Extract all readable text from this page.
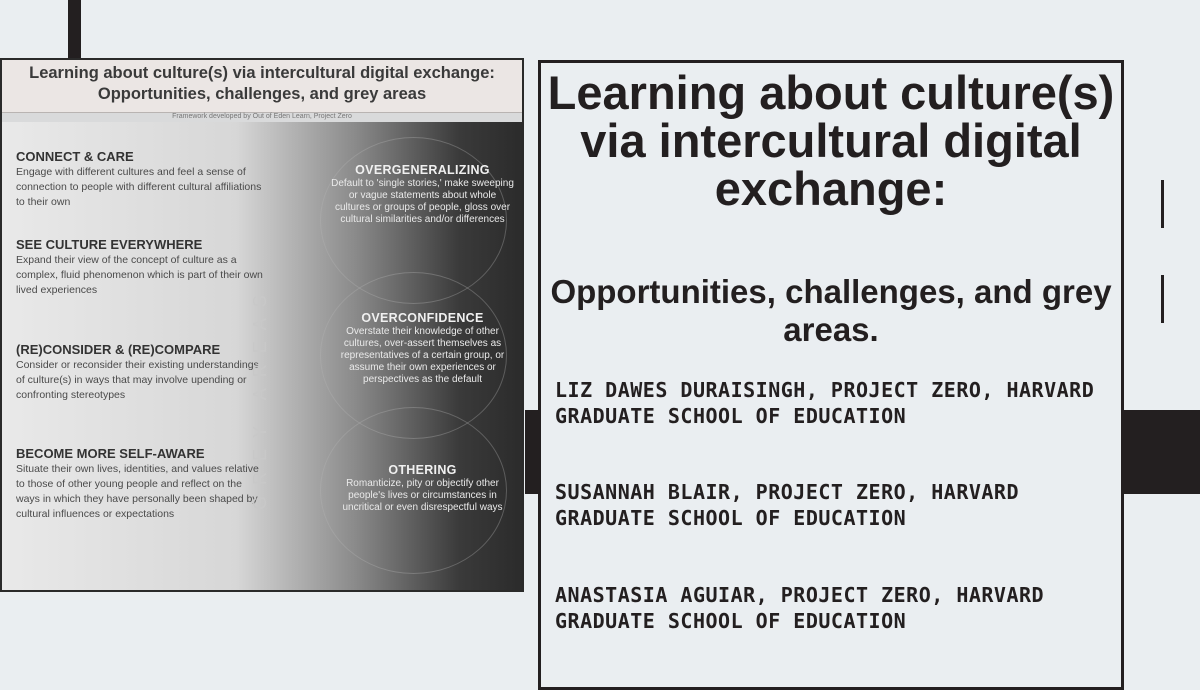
Learning about culture(s) via intercultural digital exchange:
Opportunities, challenges, and grey areas
Framework developed by Out of Eden Learn, Project Zero
CONNECT & CARE
Engage with different cultures and feel a sense of connection to people with different cultural affiliations to their own
SEE CULTURE EVERYWHERE
Expand their view of the concept of culture as a complex, fluid phenomenon which is part of their own lived experiences
(RE)CONSIDER & (RE)COMPARE
Consider or reconsider their existing understandings of culture(s) in ways that may involve upending or confronting stereotypes
BECOME MORE SELF-AWARE
Situate their own lives, identities, and values relative to those of other young people and reflect on the ways in which they have personally been shaped by cultural influences or expectations
GREY AREAS
OVERGENERALIZING
Default to 'single stories,' make sweeping or vague statements about whole cultures or groups of people, gloss over cultural similarities and/or differences
OVERCONFIDENCE
Overstate their knowledge of other cultures, over-assert themselves as representatives of a certain group, or assume their own experiences or perspectives as the default
OTHERING
Romanticize, pity or objectify other people's lives or circumstances in uncritical or even disrespectful ways
Learning about culture(s) via intercultural digital exchange:
Opportunities, challenges, and grey areas.
LIZ DAWES DURAISINGH, PROJECT ZERO, HARVARD GRADUATE SCHOOL OF EDUCATION
SUSANNAH BLAIR, PROJECT ZERO, HARVARD GRADUATE SCHOOL OF EDUCATION
ANASTASIA AGUIAR, PROJECT ZERO, HARVARD GRADUATE SCHOOL OF EDUCATION
